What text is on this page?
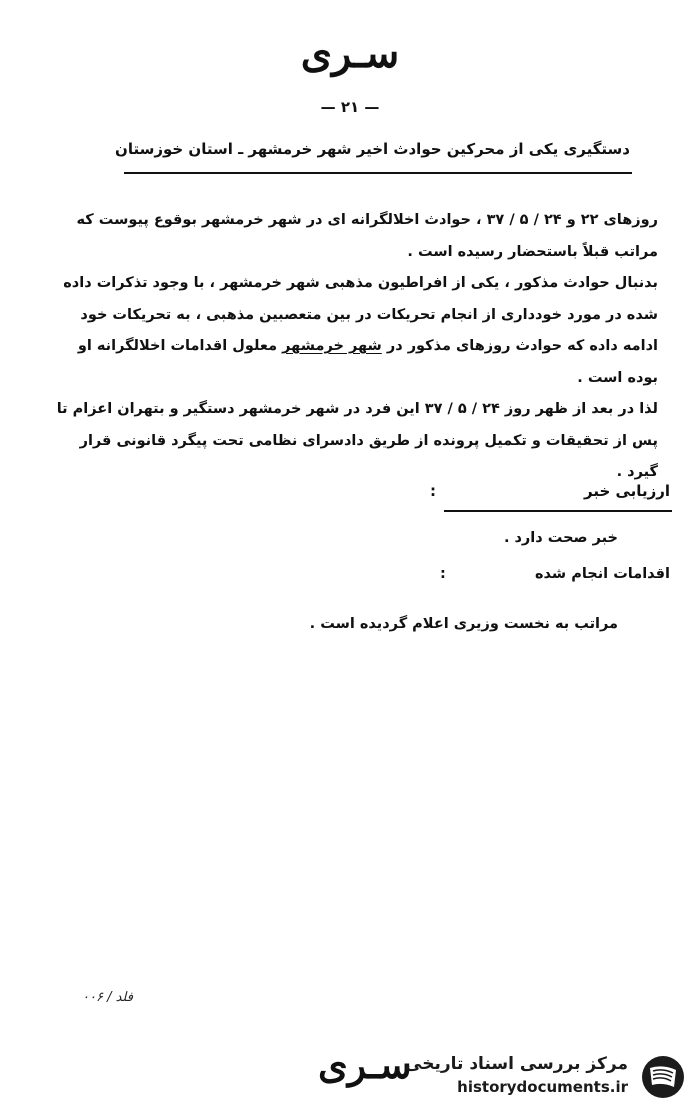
سـرى
— ٢١ —
دستگیری یکی از محرکین حوادث اخیر شهر خرمشهر ـ استان خوزستان

روزهای ۲۲ و ۲۴ / ۵ / ۳۷ ، حوادث اخلالگرانه ای در شهر خرمشهر بوقوع پیوست که مراتب قبلاً باستحضار رسیده است .

بدنبال حوادث مذکور ، یکی از افراطیون مذهبی شهر خرمشهر ، با وجود تذکرات داده شده در مورد خودداری از انجام تحریکات در بین متعصبین مذهبی ، به تحریکات خود ادامه داده که حوادث روزهای مذکور در شهر خرمشهر معلول اقدامات اخلالگرانه او بوده است .

لذا در بعد از ظهر روز ۲۴ / ۵ / ۳۷ این فرد در شهر خرمشهر دستگیر و بتهران اعزام تا پس از تحقیقات و تکمیل پرونده از طریق دادسرای نظامی تحت پیگرد قانونی قرار گیرد .

ارزیابی خبر
:
خبر صحت دارد .
اقدامات انجام شده
:
مراتب به نخست وزیری اعلام گردیده است .
فلد / ۰۰۶
سـرى
مرکز بررسی اسناد تاریخی
historydocuments.ir
